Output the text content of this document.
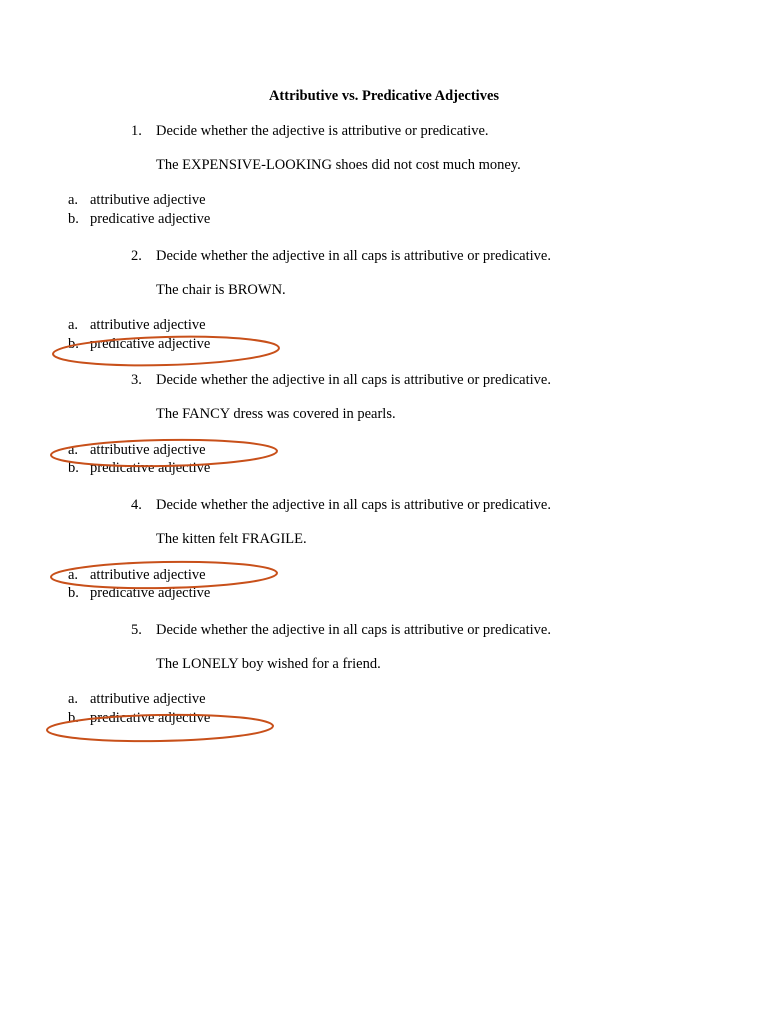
Attributive vs. Predicative Adjectives
1. Decide whether the adjective is attributive or predicative.
The EXPENSIVE-LOOKING shoes did not cost much money.
a. attributive adjective
b. predicative adjective
2. Decide whether the adjective in all caps is attributive or predicative.
The chair is BROWN.
a. attributive adjective
b. predicative adjective
3. Decide whether the adjective in all caps is attributive or predicative.
The FANCY dress was covered in pearls.
a. attributive adjective
b. predicative adjective
4. Decide whether the adjective in all caps is attributive or predicative.
The kitten felt FRAGILE.
a. attributive adjective
b. predicative adjective
5. Decide whether the adjective in all caps is attributive or predicative.
The LONELY boy wished for a friend.
a. attributive adjective
b. predicative adjective
